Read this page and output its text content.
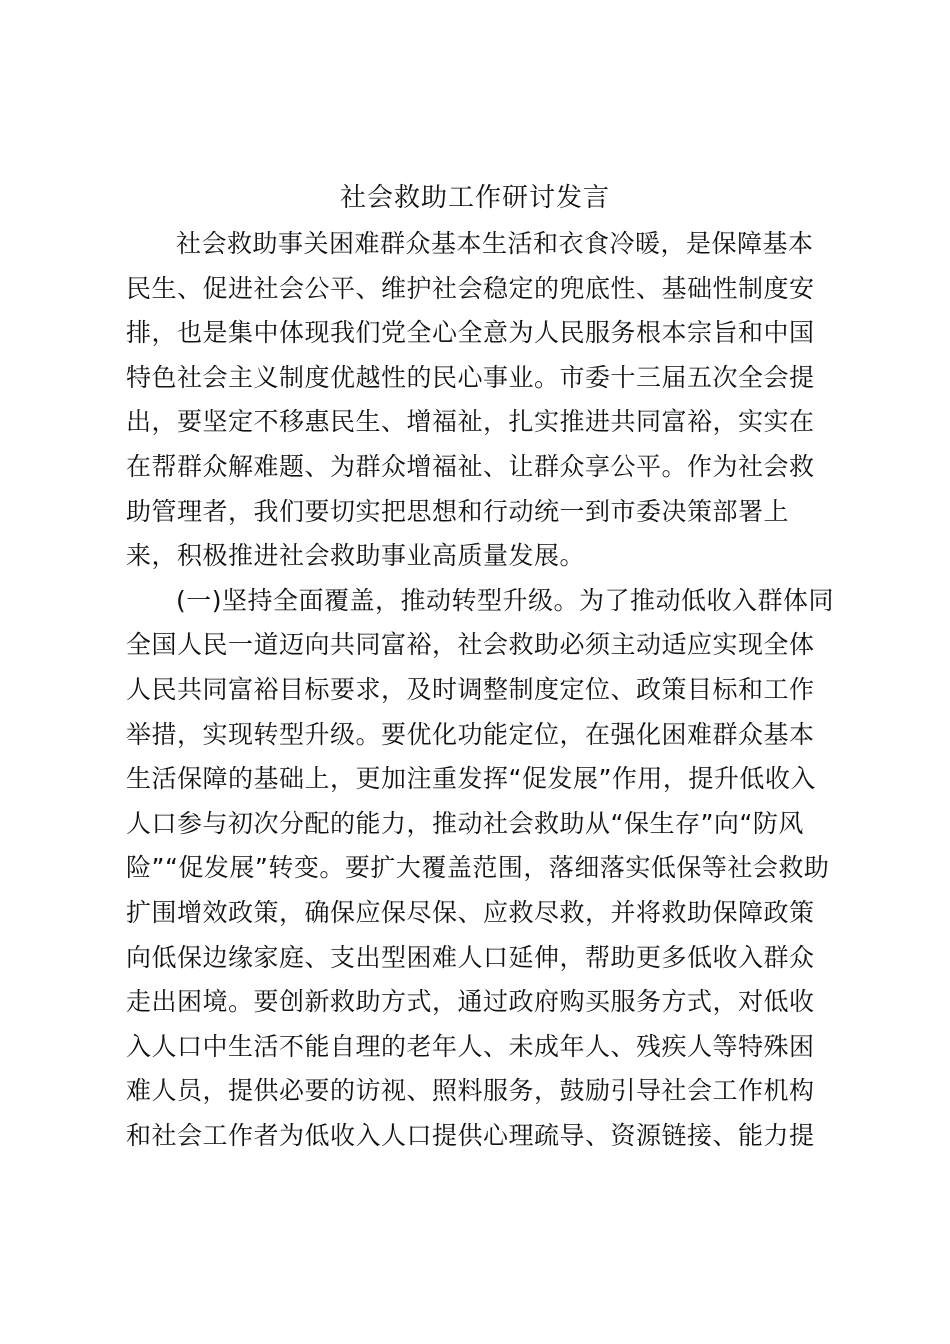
社会救助工作研讨发言
社会救助事关困难群众基本生活和衣食冷暖，是保障基本
民生、促进社会公平、维护社会稳定的兜底性、基础性制度安
排，也是集中体现我们党全心全意为人民服务根本宗旨和中国
特色社会主义制度优越性的民心事业。市委十三届五次全会提
出，要坚定不移惠民生、增福祉，扎实推进共同富裕，实实在
在帮群众解难题、为群众增福祉、让群众享公平。作为社会救
助管理者，我们要切实把思想和行动统一到市委决策部署上
来，积极推进社会救助事业高质量发展。
(一)坚持全面覆盖，推动转型升级。为了推动低收入群体同
全国人民一道迈向共同富裕，社会救助必须主动适应实现全体
人民共同富裕目标要求，及时调整制度定位、政策目标和工作
举措，实现转型升级。要优化功能定位，在强化困难群众基本
生活保障的基础上，更加注重发挥“促发展”作用，提升低收入
人口参与初次分配的能力，推动社会救助从“保生存”向“防风
险”“促发展”转变。要扩大覆盖范围，落细落实低保等社会救助
扩围增效政策，确保应保尽保、应救尽救，并将救助保障政策
向低保边缘家庭、支出型困难人口延伸，帮助更多低收入群众
走出困境。要创新救助方式，通过政府购买服务方式，对低收
入人口中生活不能自理的老年人、未成年人、残疾人等特殊困
难人员，提供必要的访视、照料服务，鼓励引导社会工作机构
和社会工作者为低收入人口提供心理疏导、资源链接、能力提
